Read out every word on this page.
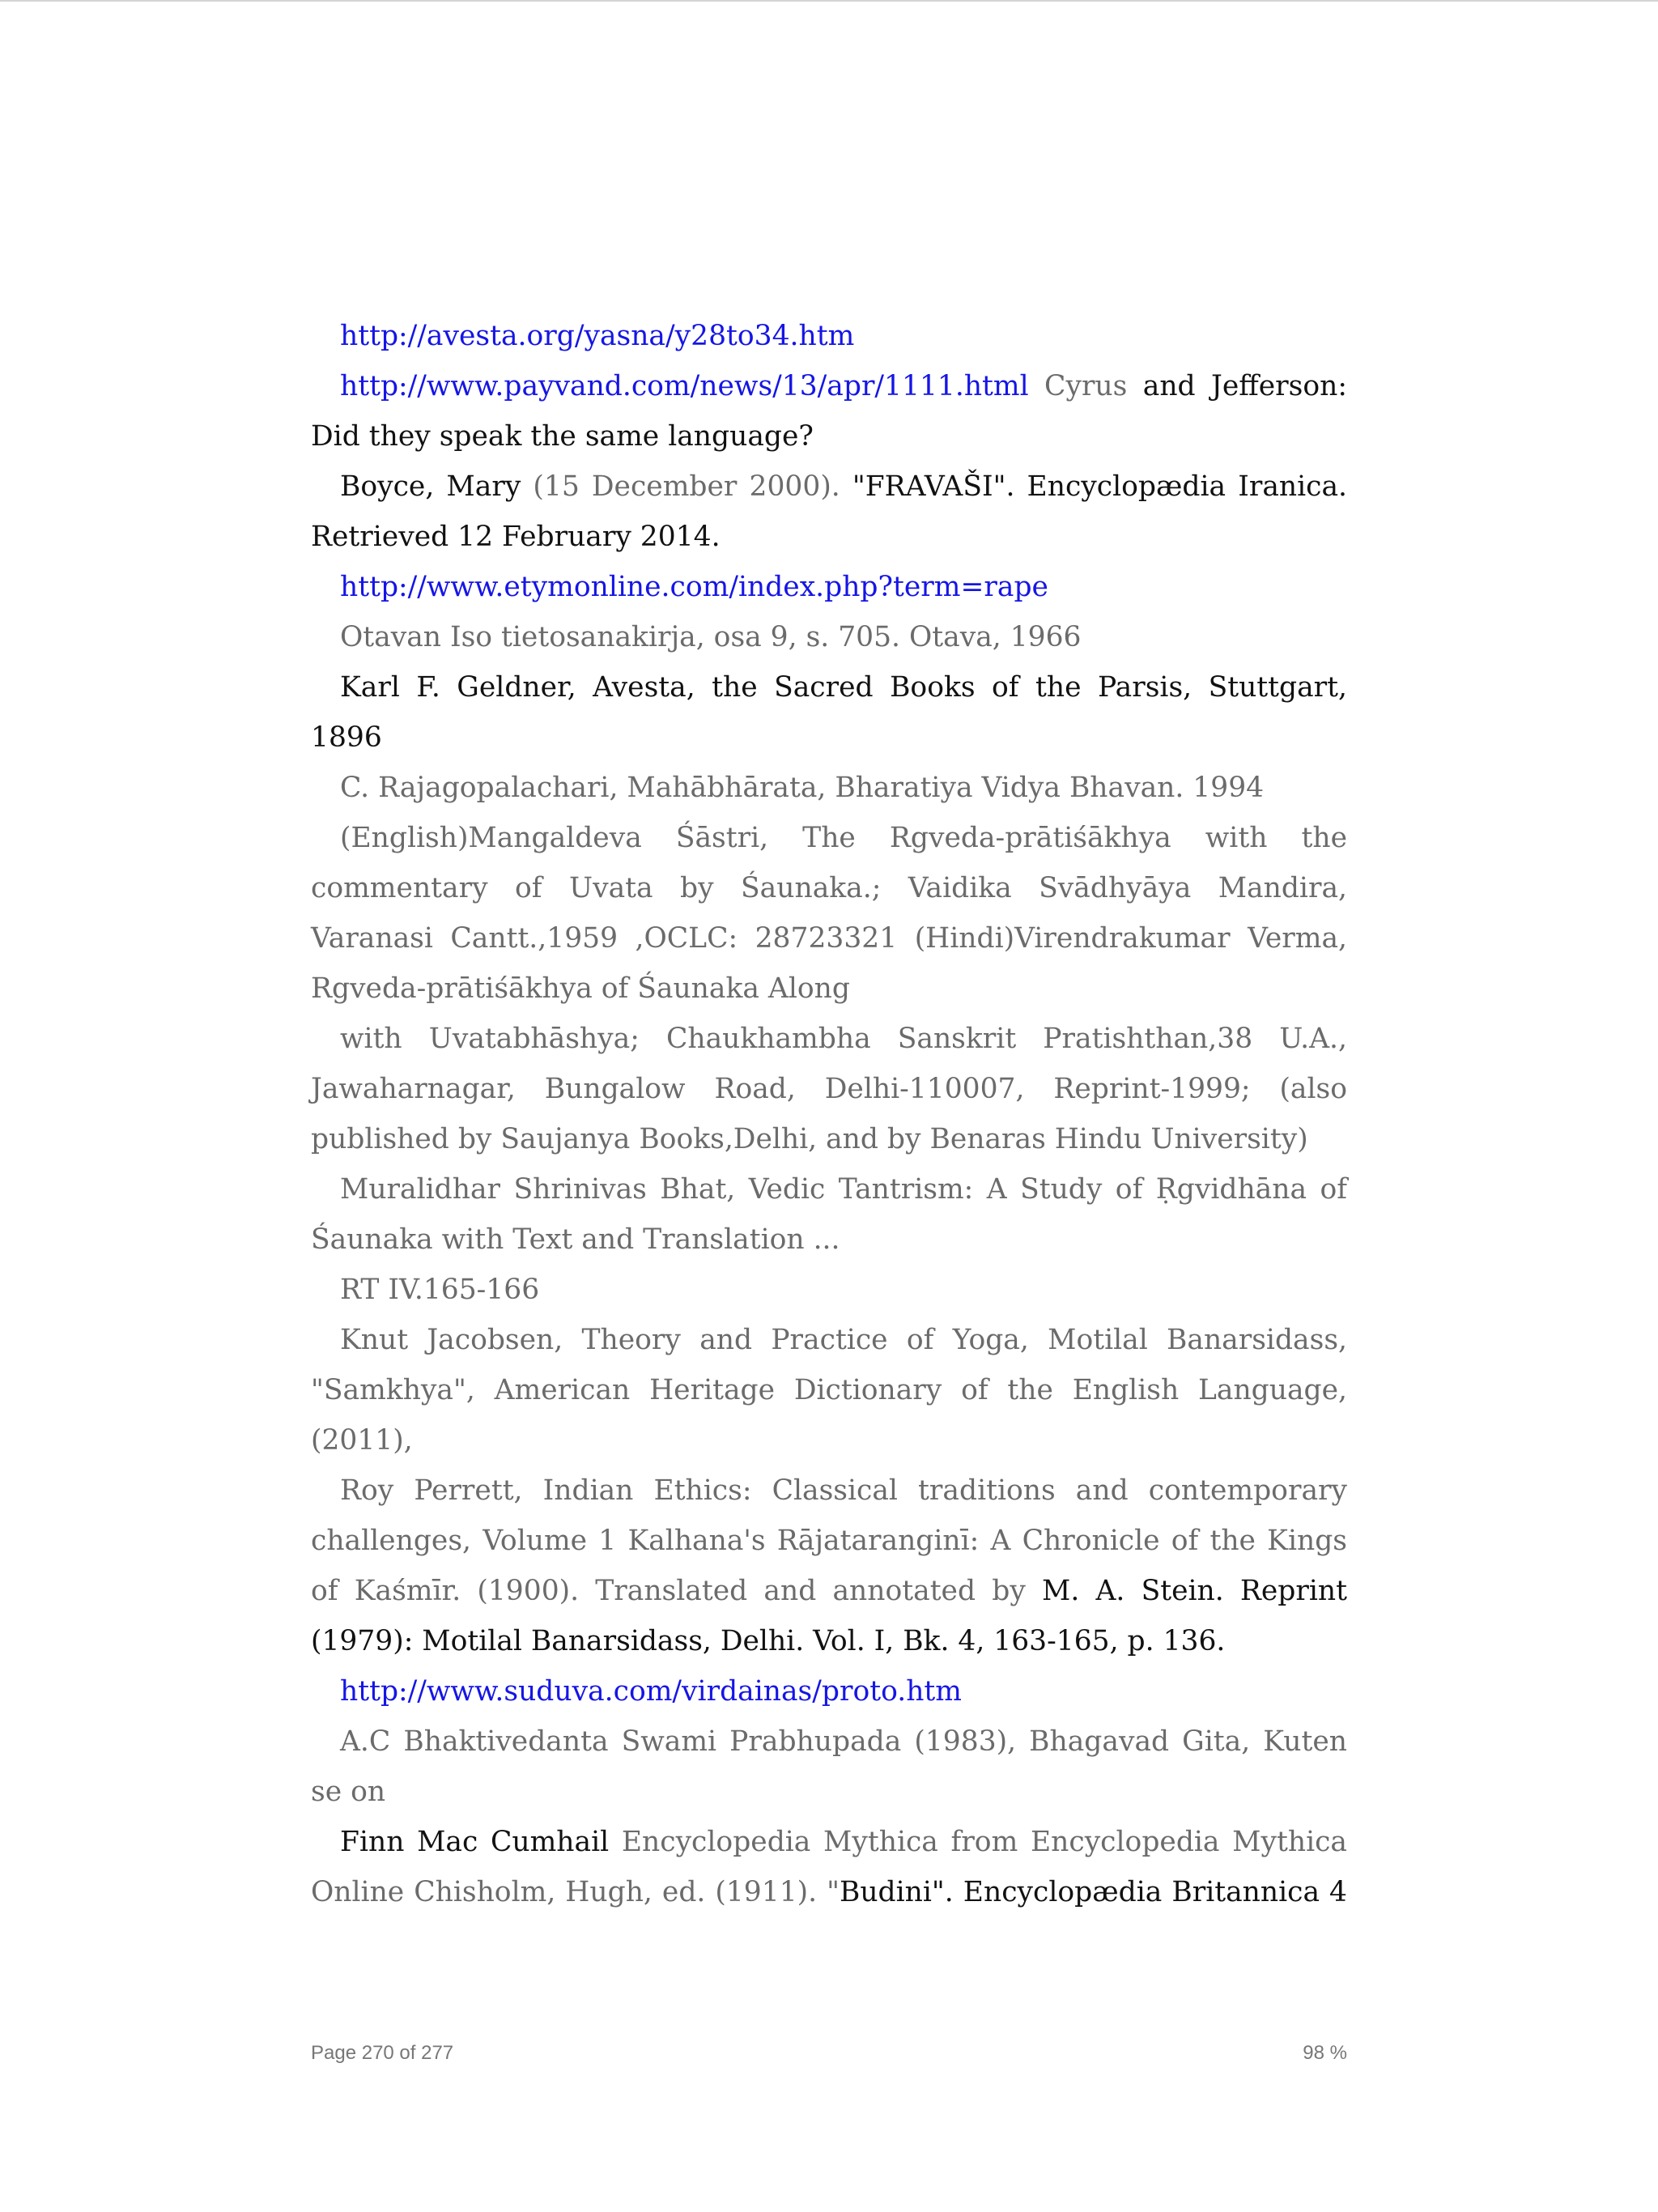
http://avesta.org/yasna/y28to34.htm

http://www.payvand.com/news/13/apr/1111.html Cyrus and Jefferson: Did they speak the same language?

Boyce, Mary (15 December 2000). "FRAVAŠI". Encyclopædia Iranica. Retrieved 12 February 2014.

http://www.etymonline.com/index.php?term=rape

Otavan Iso tietosanakirja, osa 9, s. 705. Otava, 1966

Karl F. Geldner, Avesta, the Sacred Books of the Parsis, Stuttgart, 1896

C. Rajagopalachari, Mahābhārata, Bharatiya Vidya Bhavan. 1994

(English)Mangaldeva Śāstri, The Rgveda-prātiśākhya with the commentary of Uvata by Śaunaka.; Vaidika Svādhyāya Mandira, Varanasi Cantt.,1959 ,OCLC: 28723321 (Hindi)Virendrakumar Verma, Rgveda-prātiśākhya of Śaunaka Along

with Uvatabhāshya; Chaukhambha Sanskrit Pratishthan,38 U.A., Jawaharnagar, Bungalow Road, Delhi-110007, Reprint-1999; (also published by Saujanya Books,Delhi, and by Benaras Hindu University)

Muralidhar Shrinivas Bhat, Vedic Tantrism: A Study of Ṛgvidhāna of Śaunaka with Text and Translation ...

RT IV.165-166

Knut Jacobsen, Theory and Practice of Yoga, Motilal Banarsidass, "Samkhya", American Heritage Dictionary of the English Language, (2011),

Roy Perrett, Indian Ethics: Classical traditions and contemporary challenges, Volume 1 Kalhana's Rājataranginī: A Chronicle of the Kings of Kaśmīr. (1900). Translated and annotated by M. A. Stein. Reprint (1979): Motilal Banarsidass, Delhi. Vol. I, Bk. 4, 163-165, p. 136.

http://www.suduva.com/virdainas/proto.htm

A.C Bhaktivedanta Swami Prabhupada (1983), Bhagavad Gita, Kuten se on

Finn Mac Cumhail Encyclopedia Mythica from Encyclopedia Mythica Online Chisholm, Hugh, ed. (1911). "Budini". Encyclopædia Britannica 4

Page 270 of 277	98 %
